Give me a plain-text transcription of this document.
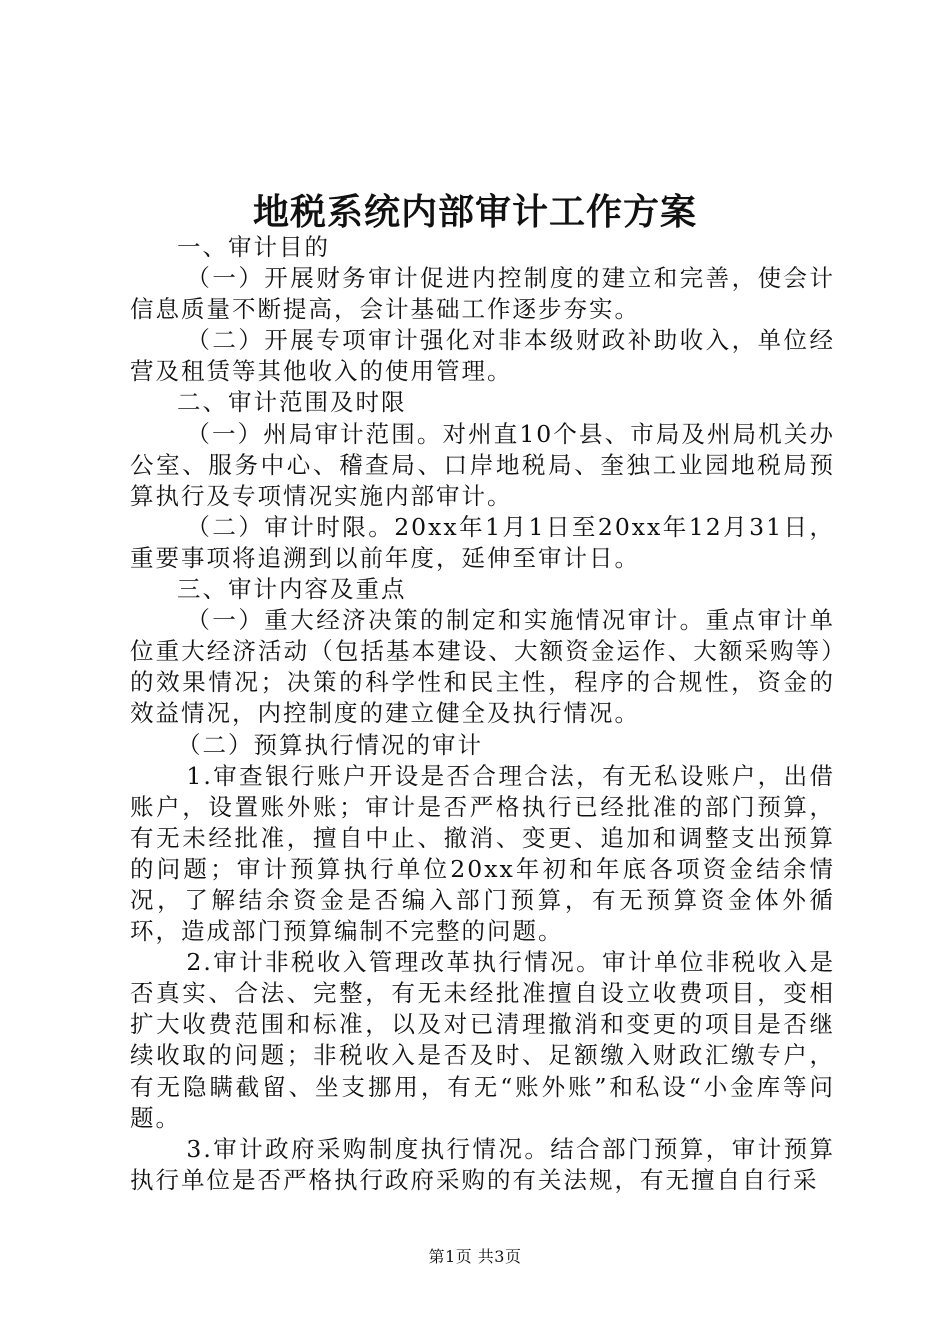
地税系统内部审计工作方案

一、审计目的

（一）开展财务审计促进内控制度的建立和完善，使会计信息质量不断提高，会计基础工作逐步夯实。

（二）开展专项审计强化对非本级财政补助收入，单位经营及租赁等其他收入的使用管理。

二、审计范围及时限

（一）州局审计范围。对州直10个县、市局及州局机关办公室、服务中心、稽查局、口岸地税局、奎独工业园地税局预算执行及专项情况实施内部审计。

（二）审计时限。20xx年1月1日至20xx年12月31日，重要事项将追溯到以前年度，延伸至审计日。

三、审计内容及重点

（一）重大经济决策的制定和实施情况审计。重点审计单位重大经济活动（包括基本建设、大额资金运作、大额采购等）的效果情况；决策的科学性和民主性，程序的合规性，资金的效益情况，内控制度的建立健全及执行情况。

（二）预算执行情况的审计

1.审查银行账户开设是否合理合法，有无私设账户，出借账户，设置账外账；审计是否严格执行已经批准的部门预算，有无未经批准，擅自中止、撤消、变更、追加和调整支出预算的问题；审计预算执行单位20xx年初和年底各项资金结余情况，了解结余资金是否编入部门预算，有无预算资金体外循环，造成部门预算编制不完整的问题。

2.审计非税收入管理改革执行情况。审计单位非税收入是否真实、合法、完整，有无未经批准擅自设立收费项目，变相扩大收费范围和标准，以及对已清理撤消和变更的项目是否继续收取的问题；非税收入是否及时、足额缴入财政汇缴专户，有无隐瞒截留、坐支挪用，有无“账外账”和私设“小金库等问题。

3.审计政府采购制度执行情况。结合部门预算，审计预算执行单位是否严格执行政府采购的有关法规，有无擅自自行采

第1页 共3页
